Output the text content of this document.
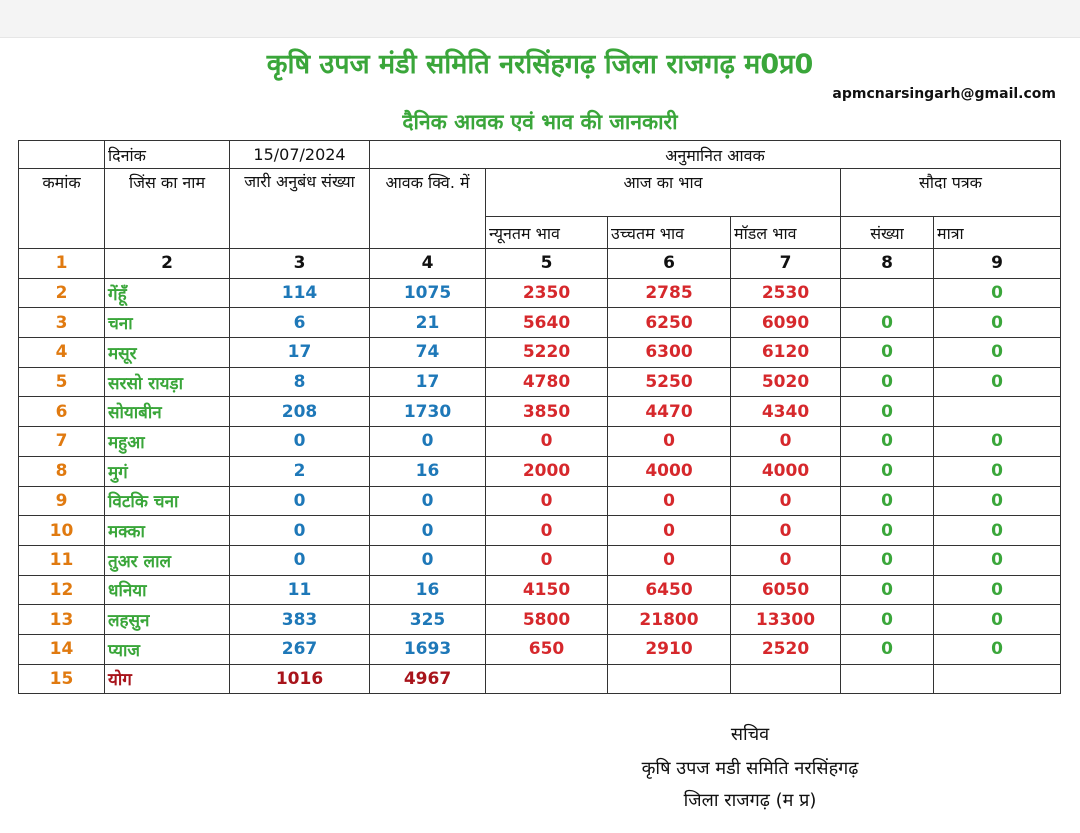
कृषि उपज मंडी समिति नरसिंहगढ़ जिला राजगढ़ म0प्र0
apmcnarsingarh@gmail.com
दैनिक आवक एवं भाव की जानकारी
	दिनांक	15/07/2024	अनुमानित आवक					
कमांक	जिंस का नाम	जारी अनुबंध संख्या	आवक क्वि. में	आज का भाव			सौदा पत्रक	
				न्यूनतम भाव	उच्चतम भाव	मॉडल भाव	संख्या	मात्रा
1	2	3	4	5	6	7	8	9
2	गेंहूँ	114	1075	2350	2785	2530		0
3	चना	6	21	5640	6250	6090	0	0
4	मसूर	17	74	5220	6300	6120	0	0
5	सरसो रायड़ा	8	17	4780	5250	5020	0	0
6	सोयाबीन	208	1730	3850	4470	4340	0	
7	महुआ	0	0	0	0	0	0	0
8	मुगं	2	16	2000	4000	4000	0	0
9	विटकि चना	0	0	0	0	0	0	0
10	मक्का	0	0	0	0	0	0	0
11	तुअर लाल	0	0	0	0	0	0	0
12	धनिया	11	16	4150	6450	6050	0	0
13	लहसुन	383	325	5800	21800	13300	0	0
14	प्याज	267	1693	650	2910	2520	0	0
15	योग	1016	4967					
सचिव
कृषि उपज मडी समिति नरसिंहगढ़
जिला राजगढ़ (म प्र)
